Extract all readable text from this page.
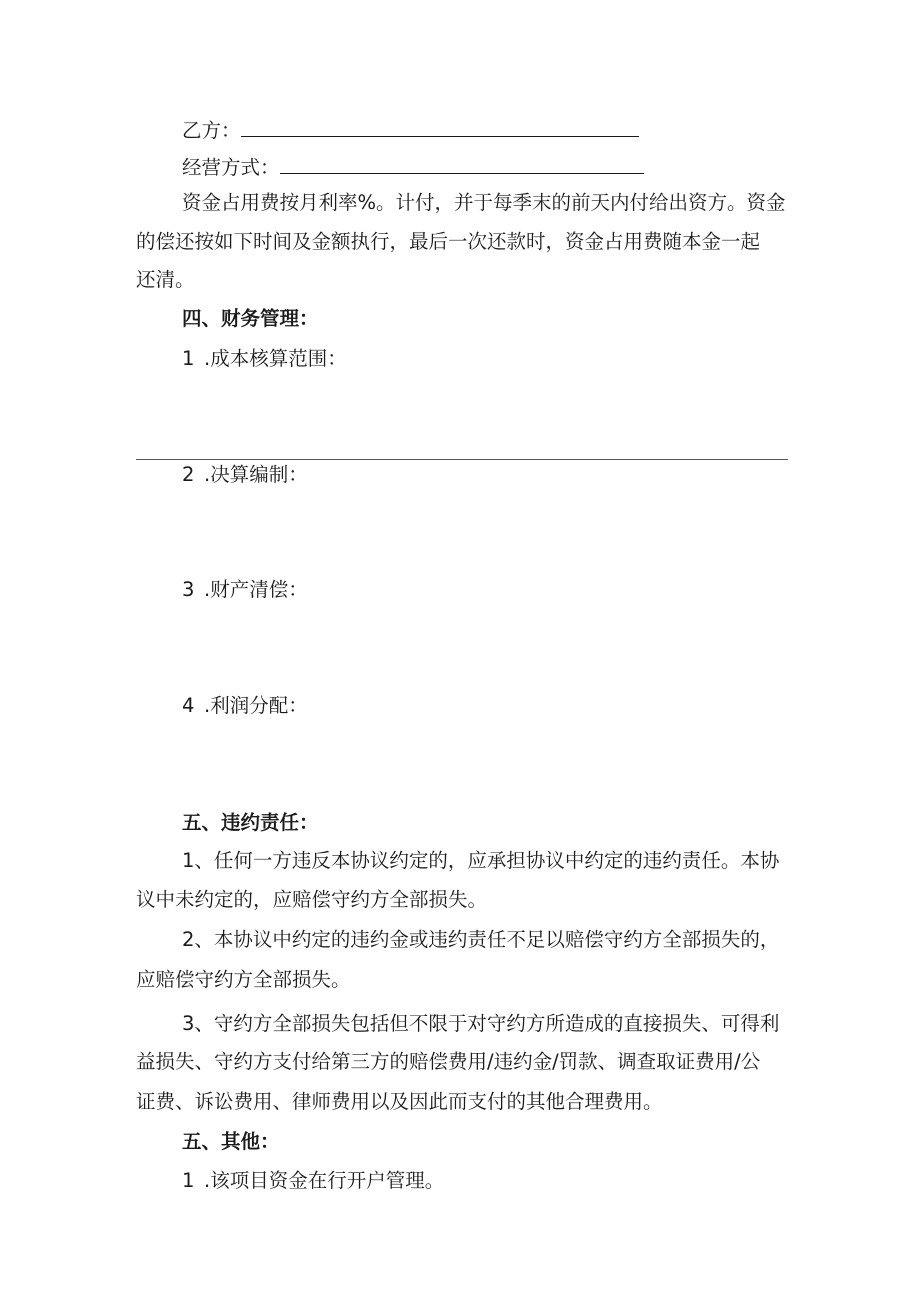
乙方：
经营方式：
资金占用费按月利率%。计付，并于每季末的前天内付给出资方。资金
的偿还按如下时间及金额执行，最后一次还款时，资金占用费随本金一起
还清。
四、财务管理：
1 .成本核算范围：
2 .决算编制：
3 .财产清偿：
4 .利润分配：
五、违约责任：
1、任何一方违反本协议约定的，应承担协议中约定的违约责任。本协
议中未约定的，应赔偿守约方全部损失。
2、本协议中约定的违约金或违约责任不足以赔偿守约方全部损失的，
应赔偿守约方全部损失。
3、守约方全部损失包括但不限于对守约方所造成的直接损失、可得利
益损失、守约方支付给第三方的赔偿费用/违约金/罚款、调查取证费用/公
证费、诉讼费用、律师费用以及因此而支付的其他合理费用。
五、其他：
1 .该项目资金在行开户管理。
